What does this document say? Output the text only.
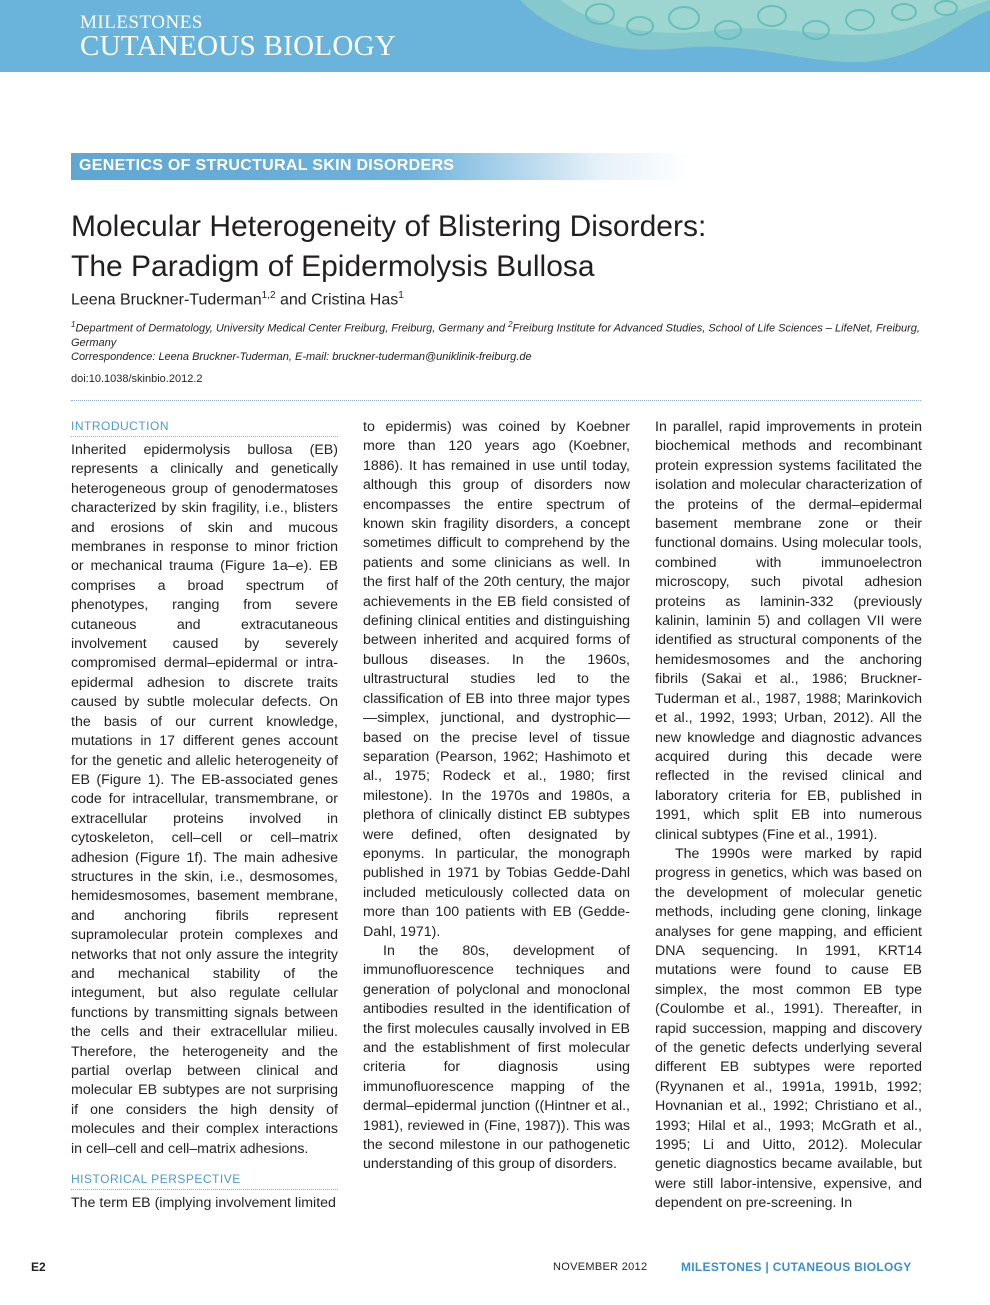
MILESTONES
CUTANEOUS BIOLOGY
GENETICS OF STRUCTURAL SKIN DISORDERS
Molecular Heterogeneity of Blistering Disorders:
The Paradigm of Epidermolysis Bullosa
Leena Bruckner-Tuderman$^{1,2}$ and Cristina Has$^1$
$^1$Department of Dermatology, University Medical Center Freiburg, Freiburg, Germany and $^2$Freiburg Institute for Advanced Studies, School of Life Sciences – LifeNet, Freiburg, Germany
Correspondence: Leena Bruckner-Tuderman, E-mail: bruckner-tuderman@uniklinik-freiburg.de
doi:10.1038/skinbio.2012.2
INTRODUCTION

Inherited epidermolysis bullosa (EB) represents a clinically and genetically heterogeneous group of genodermatoses characterized by skin fragility, i.e., blisters and erosions of skin and mucous membranes in response to minor friction or mechanical trauma (Figure 1a–e). EB comprises a broad spectrum of phenotypes, ranging from severe cutaneous and extracutaneous involvement caused by severely compromised dermal–epidermal or intra-epidermal adhesion to discrete traits caused by subtle molecular defects. On the basis of our current knowledge, mutations in 17 different genes account for the genetic and allelic heterogeneity of EB (Figure 1). The EB-associated genes code for intracellular, transmembrane, or extracellular proteins involved in cytoskeleton, cell–cell or cell–matrix adhesion (Figure 1f). The main adhesive structures in the skin, i.e., desmosomes, hemidesmosomes, basement membrane, and anchoring fibrils represent supramolecular protein complexes and networks that not only assure the integrity and mechanical stability of the integument, but also regulate cellular functions by transmitting signals between the cells and their extracellular milieu. Therefore, the heterogeneity and the partial overlap between clinical and molecular EB subtypes are not surprising if one considers the high density of molecules and their complex interactions in cell–cell and cell–matrix adhesions.

HISTORICAL PERSPECTIVE

The term EB (implying involvement limited

In parallel, rapid improvements in protein biochemical methods and recombinant protein expression systems facilitated the isolation and molecular characterization of the proteins of the dermal–epidermal basement membrane zone or their functional domains. Using molecular tools, combined with immunoelectron microscopy, such pivotal adhesion proteins as laminin-332 (previously kalinin, laminin 5) and collagen VII were identified as structural components of the hemidesmosomes and the anchoring fibrils (Sakai et al., 1986; Bruckner-Tuderman et al., 1987, 1988; Marinkovich et al., 1992, 1993; Urban, 2012). All the new knowledge and diagnostic advances acquired during this decade were reflected in the revised clinical and laboratory criteria for EB, published in 1991, which split EB into numerous clinical subtypes (Fine et al., 1991).

The 1990s were marked by rapid progress in genetics, which was based on the development of molecular genetic methods, including gene cloning, linkage analyses for gene mapping, and efficient DNA sequencing. In 1991, KRT14 mutations were found to cause EB simplex, the most common EB type (Coulombe et al., 1991). Thereafter, in rapid succession, mapping and discovery of the genetic defects underlying several different EB subtypes were reported (Ryynanen et al., 1991a, 1991b, 1992; Hovnanian et al., 1992; Christiano et al., 1993; Hilal et al., 1993; McGrath et al., 1995; Li and Uitto, 2012). Molecular genetic diagnostics became available, but were still labor-intensive, expensive, and dependent on pre-screening. In

to epidermis) was coined by Koebner more than 120 years ago (Koebner, 1886). It has remained in use until today, although this group of disorders now encompasses the entire spectrum of known skin fragility disorders, a concept sometimes difficult to comprehend by the patients and some clinicians as well. In the first half of the 20th century, the major achievements in the EB field consisted of defining clinical entities and distinguishing between inherited and acquired forms of bullous diseases. In the 1960s, ultrastructural studies led to the classification of EB into three major types—simplex, junctional, and dystrophic—based on the precise level of tissue separation (Pearson, 1962; Hashimoto et al., 1975; Rodeck et al., 1980; first milestone). In the 1970s and 1980s, a plethora of clinically distinct EB subtypes were defined, often designated by eponyms. In particular, the monograph published in 1971 by Tobias Gedde-Dahl included meticulously collected data on more than 100 patients with EB (Gedde-Dahl, 1971).

In the 80s, development of immunofluorescence techniques and generation of polyclonal and monoclonal antibodies resulted in the identification of the first molecules causally involved in EB and the establishment of first molecular criteria for diagnosis using immunofluorescence mapping of the dermal–epidermal junction ((Hintner et al., 1981), reviewed in (Fine, 1987)). This was the second milestone in our pathogenetic understanding of this group of disorders.

E2	NOVEMBER 2012	MILESTONES | CUTANEOUS BIOLOGY
